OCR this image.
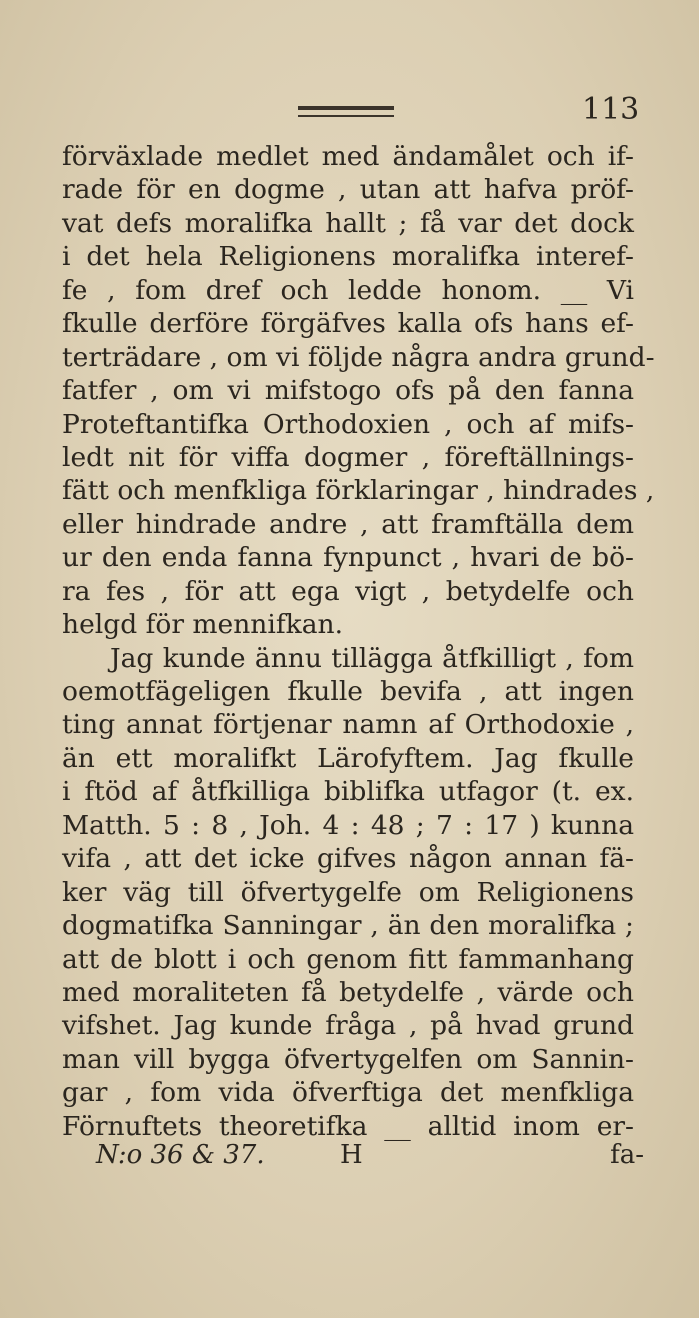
113
förväxlade medlet med ändamålet och if-
rade för en dogme , utan att hafva pröf-
vat defs moralifka hallt ; få var det dock
i det hela Religionens moralifka interef-
fe , fom dref och ledde honom. __ Vi
fkulle derföre förgäfves kalla ofs hans ef-
terträdare , om vi följde några andra grund-
fatfer , om vi mifstogo ofs på den fanna
Proteftantifka Orthodoxien , och af mifs-
ledt nit för viffa dogmer , föreftällnings-
fätt och menfkliga förklaringar , hindrades ,
eller hindrade andre , att framftälla dem
ur den enda fanna fynpunct , hvari de bö-
ra fes , för att ega vigt , betydelfe och
helgd för mennifkan.
Jag kunde ännu tillägga åtfkilligt , fom
oemotfägeligen fkulle bevifa , att ingen
ting annat förtjenar namn af Orthodoxie ,
än ett moralifkt Lärofyftem. Jag fkulle
i ftöd af åtfkilliga biblifka utfagor (t. ex.
Matth. 5 : 8 , Joh. 4 : 48 ; 7 : 17 ) kunna
vifa , att det icke gifves någon annan fä-
ker väg till öfvertygelfe om Religionens
dogmatifka Sanningar , än den moralifka ;
att de blott i och genom fitt fammanhang
med moraliteten få betydelfe , värde och
vifshet. Jag kunde fråga , på hvad grund
man vill bygga öfvertygelfen om Sannin-
gar , fom vida öfverftiga det menfkliga
Förnuftets theoretifka __ alltid inom er-
N:o 36 & 37.	H	fa-
